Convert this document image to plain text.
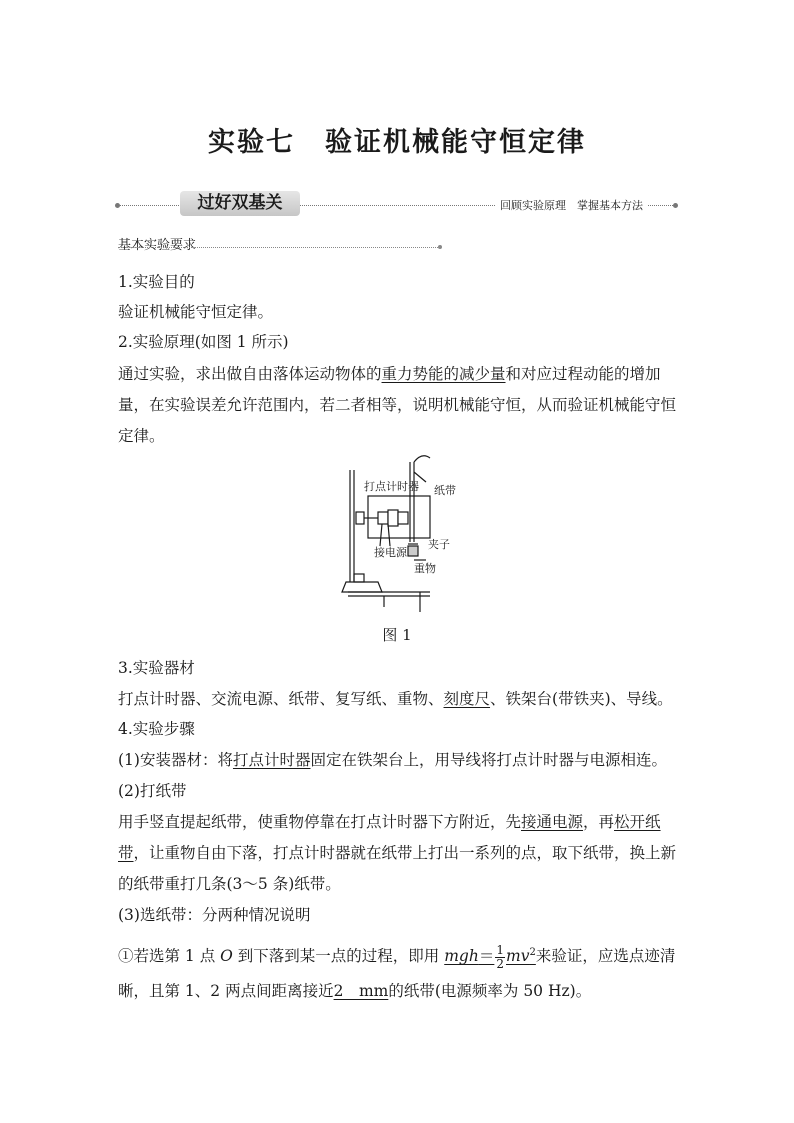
实验七 验证机械能守恒定律
过好双基关	回顾实验原理　掌握基本方法
基本实验要求
1.实验目的
验证机械能守恒定律。
2.实验原理(如图 1 所示)
通过实验，求出做自由落体运动物体的重力势能的减少量和对应过程动能的增加量，在实验误差允许范围内，若二者相等，说明机械能守恒，从而验证机械能守恒定律。
打点计时器 纸带
接电源
夹子
重物
图 1
3.实验器材
打点计时器、交流电源、纸带、复写纸、重物、刻度尺、铁架台(带铁夹)、导线。
4.实验步骤
(1)安装器材：将打点计时器固定在铁架台上，用导线将打点计时器与电源相连。
(2)打纸带
用手竖直提起纸带，使重物停靠在打点计时器下方附近，先接通电源，再松开纸带，让重物自由下落，打点计时器就在纸带上打出一系列的点，取下纸带，换上新的纸带重打几条(3～5 条)纸带。
(3)选纸带：分两种情况说明
①若选第 1 点 O 到下落到某一点的过程，即用 $mgh= \frac{1}{2} mv^2$来验证，应选点迹清晰，且第 1、2 两点间距离接近2　mm的纸带(电源频率为 50 Hz)。
